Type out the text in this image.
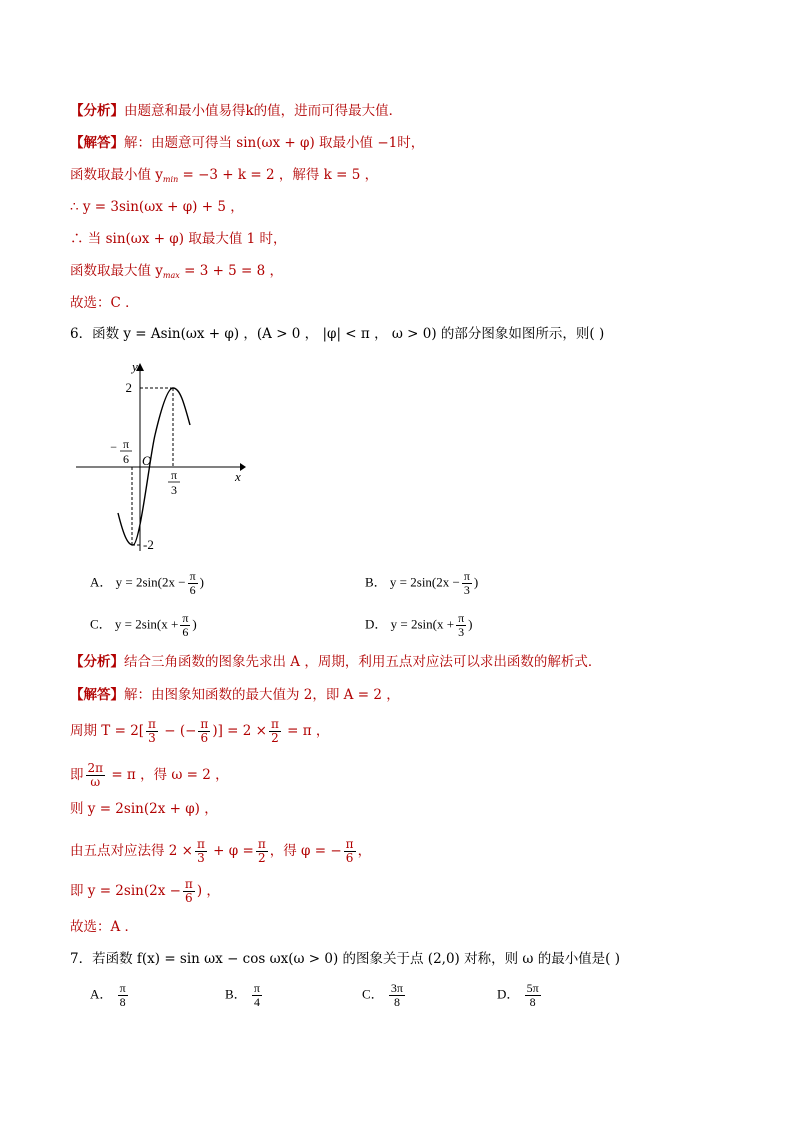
【分析】由题意和最小值易得k的值，进而可得最大值．
【解答】解：由题意可得当 sin(ωx + φ) 取最小值 −1时，
函数取最小值 $y_{min} = -3 + k = 2$ ，解得 k = 5 ，
∴ y = 3sin(ωx + φ) + 5 ，
∴ 当 sin(ωx + φ) 取最大值 1 时，
函数取最大值 $y_{max} = 3 + 5 = 8$ ，
故选：C ．
6．函数 y = Asin(ωx + φ) ，(A > 0 ， |φ| < π ， ω > 0) 的部分图象如图所示，则( )
y
x
O
2
-2
− π
6
π
3
A． $y = 2\sin(2x - \frac{\pi}{6}$ )	B． $y = 2\sin(2x - \frac{\pi}{3}$ )
C． $y = 2\sin(x + \frac{\pi}{6}$ )	D． $y = 2\sin(x + \frac{\pi}{3}$ )
【分析】结合三角函数的图象先求出 A ，周期，利用五点对应法可以求出函数的解析式．
【解答】解：由图象知函数的最大值为 2，即 A = 2 ，
周期 $T = 2[ \frac{\pi}{3}$ − (− $\frac{\pi}{6}$ )] = $2 \times \frac{\pi}{2} = \pi$ ，
即 $\frac{2\pi}{\omega} = \pi$ ，得 ω = 2 ，
则 y = 2sin(2x + φ) ，
由五点对应法得 $2 \times \frac{\pi}{3} + \varphi = \frac{\pi}{2}$ ，得 φ = − $\frac{\pi}{6}$ ，
即 $y = 2\sin(2x - \frac{\pi}{6}$ ) ，
故选：A ．
7．若函数 f(x) = sin ωx − cos ωx(ω > 0) 的图象关于点 (2,0) 对称，则 ω 的最小值是( )
A． $\frac{\pi}{8}$	B． $\frac{\pi}{4}$	C． $\frac{3\pi}{8}$	D． $\frac{5\pi}{8}$
